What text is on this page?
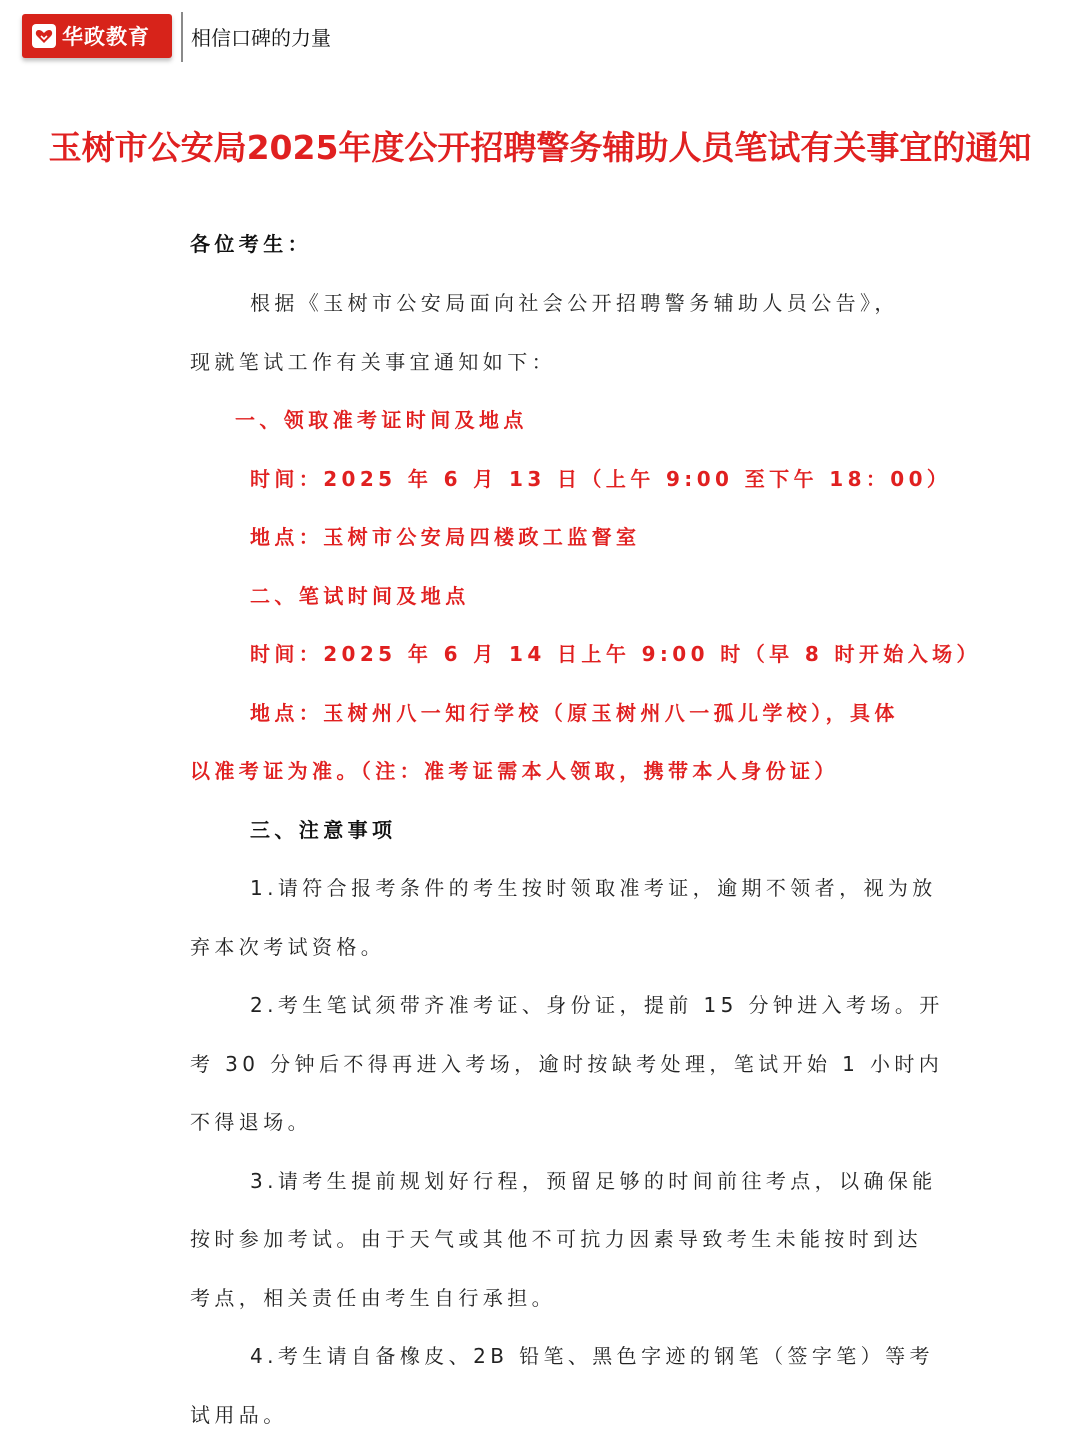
华政教育 相信口碑的力量
玉树市公安局2025年度公开招聘警务辅助人员笔试有关事宜的通知
各位考生：
根据《玉树市公安局面向社会公开招聘警务辅助人员公告》，
现就笔试工作有关事宜通知如下：
一、领取准考证时间及地点
时间：2025 年 6 月 13 日（上午 9:00 至下午 18：00）
地点：玉树市公安局四楼政工监督室
二、笔试时间及地点
时间：2025 年 6 月 14 日上午 9:00 时（早 8 时开始入场）
地点：玉树州八一知行学校（原玉树州八一孤儿学校），具体
以准考证为准。（注：准考证需本人领取，携带本人身份证）
三、注意事项
1.请符合报考条件的考生按时领取准考证，逾期不领者，视为放
弃本次考试资格。
2.考生笔试须带齐准考证、身份证，提前 15 分钟进入考场。开
考 30 分钟后不得再进入考场，逾时按缺考处理，笔试开始 1 小时内
不得退场。
3.请考生提前规划好行程，预留足够的时间前往考点，以确保能
按时参加考试。由于天气或其他不可抗力因素导致考生未能按时到达
考点，相关责任由考生自行承担。
4.考生请自备橡皮、2B 铅笔、黑色字迹的钢笔（签字笔）等考
试用品。
